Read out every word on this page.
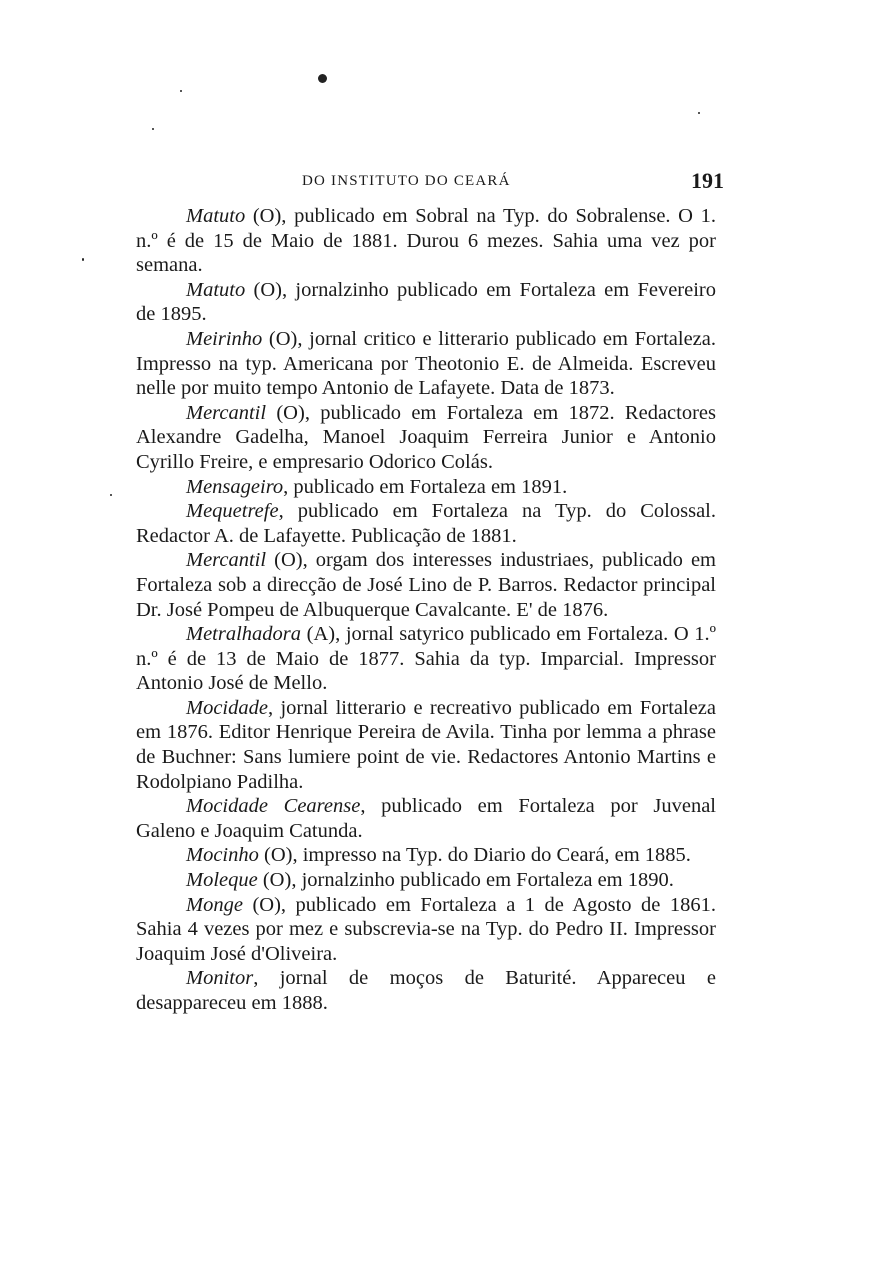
DO INSTITUTO DO CEARÁ	191

Matuto (O), publicado em Sobral na Typ. do Sobralense. O 1. n.º é de 15 de Maio de 1881. Durou 6 mezes. Sahia uma vez por semana.

Matuto (O), jornalzinho publicado em Fortaleza em Fevereiro de 1895.

Meirinho (O), jornal critico e litterario publicado em Fortaleza. Impresso na typ. Americana por Theotonio E. de Almeida. Escreveu nelle por muito tempo Antonio de Lafayete. Data de 1873.

Mercantil (O), publicado em Fortaleza em 1872. Redactores Alexandre Gadelha, Manoel Joaquim Ferreira Junior e Antonio Cyrillo Freire, e empresario Odorico Colás.

Mensageiro, publicado em Fortaleza em 1891.

Mequetrefe, publicado em Fortaleza na Typ. do Colossal. Redactor A. de Lafayette. Publicação de 1881.

Mercantil (O), orgam dos interesses industriaes, publicado em Fortaleza sob a direcção de José Lino de P. Barros. Redactor principal Dr. José Pompeu de Albuquerque Cavalcante. E' de 1876.

Metralhadora (A), jornal satyrico publicado em Fortaleza. O 1.º n.º é de 13 de Maio de 1877. Sahia da typ. Imparcial. Impressor Antonio José de Mello.

Mocidade, jornal litterario e recreativo publicado em Fortaleza em 1876. Editor Henrique Pereira de Avila. Tinha por lemma a phrase de Buchner: Sans lumiere point de vie. Redactores Antonio Martins e Rodolpiano Padilha.

Mocidade Cearense, publicado em Fortaleza por Juvenal Galeno e Joaquim Catunda.

Mocinho (O), impresso na Typ. do Diario do Ceará, em 1885.

Moleque (O), jornalzinho publicado em Fortaleza em 1890.

Monge (O), publicado em Fortaleza a 1 de Agosto de 1861. Sahia 4 vezes por mez e subscrevia-se na Typ. do Pedro II. Impressor Joaquim José d'Oliveira.

Monitor, jornal de moços de Baturité. Appareceu e desappareceu em 1888.
